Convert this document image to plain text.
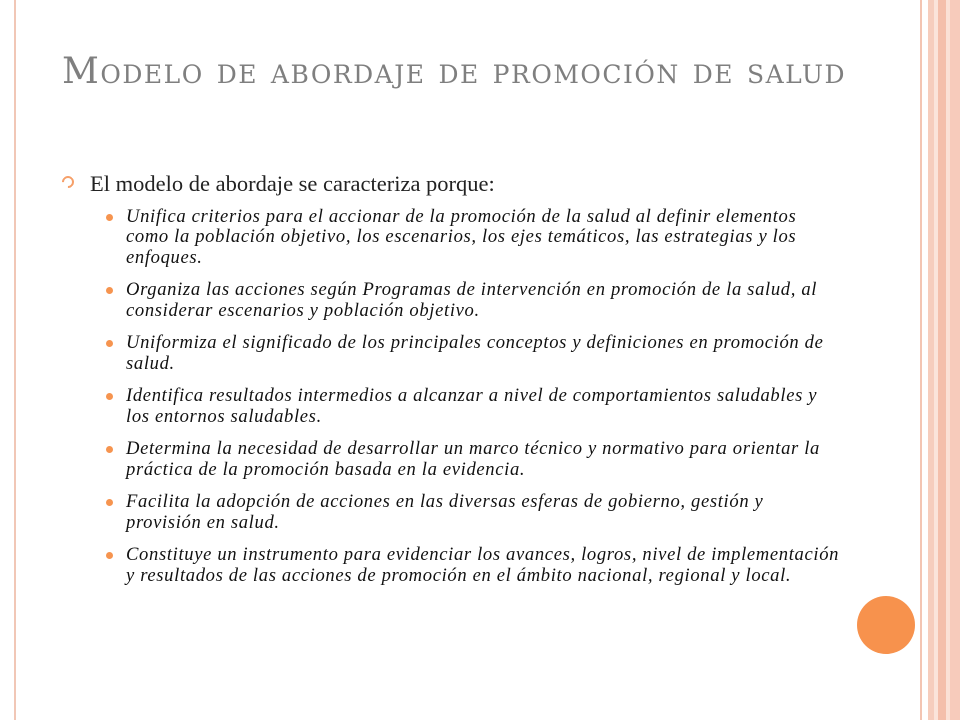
Modelo de abordaje de promoción de salud

El modelo de abordaje se caracteriza porque:

Unifica criterios para el accionar de la promoción de la salud al definir elementos como la población objetivo, los escenarios, los ejes temáticos, las estrategias y los enfoques.
Organiza las acciones según Programas de intervención en promoción de la salud, al considerar escenarios y población objetivo.
Uniformiza el significado de los principales conceptos y definiciones en promoción de salud.
Identifica resultados intermedios a alcanzar a nivel de comportamientos saludables y los entornos saludables.
Determina la necesidad de desarrollar un marco técnico y normativo para orientar la práctica de la promoción basada en la evidencia.
Facilita la adopción de acciones en las diversas esferas de gobierno, gestión y provisión en salud.
Constituye un instrumento para evidenciar los avances, logros, nivel de implementación y resultados de las acciones de promoción en el ámbito nacional, regional y local.
